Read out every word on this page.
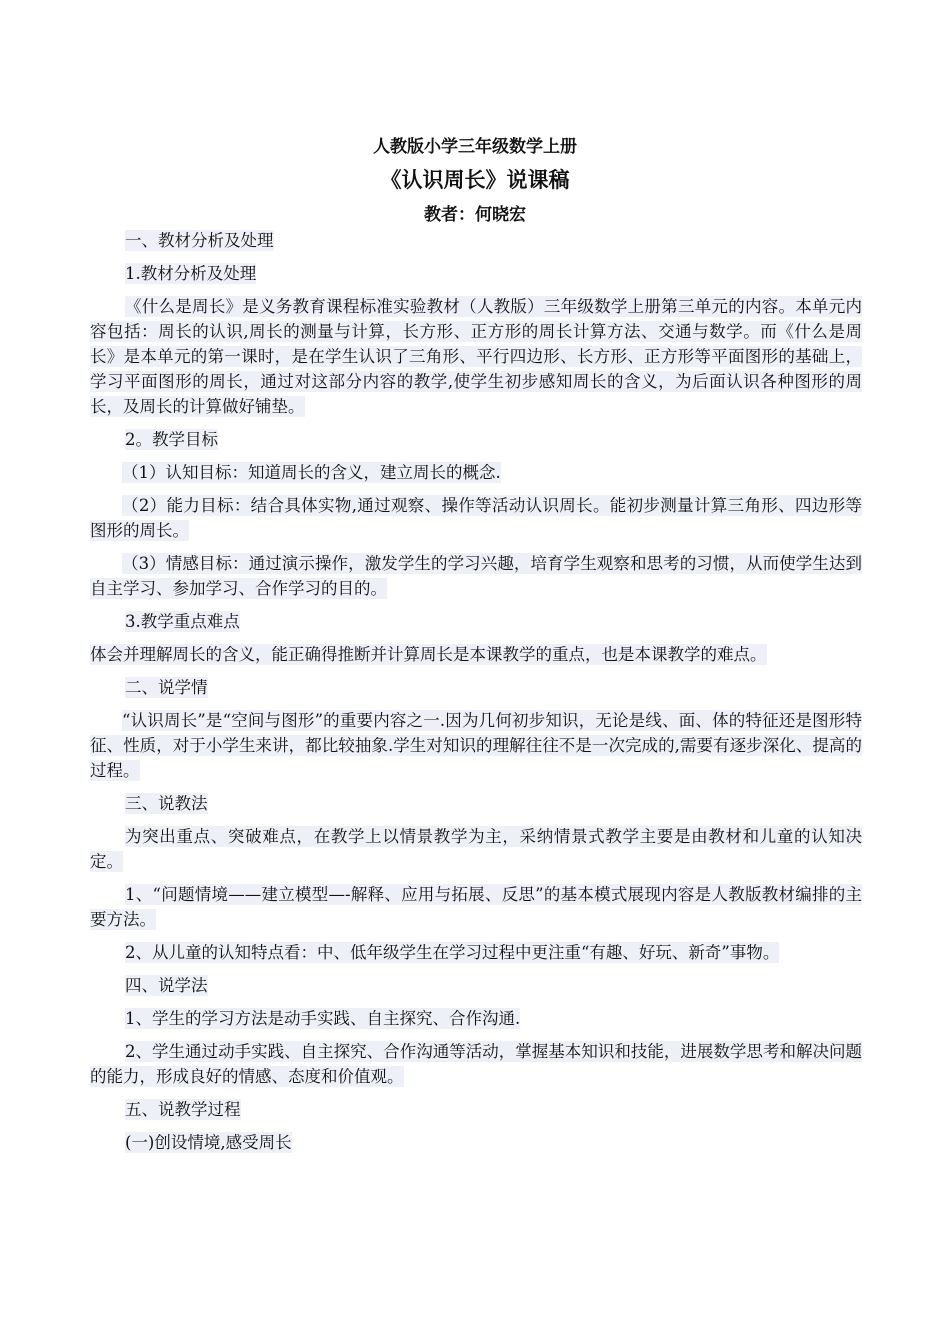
人教版小学三年级数学上册
《认识周长》说课稿
教者：何晓宏

一、教材分析及处理

1.教材分析及处理

《什么是周长》是义务教育课程标准实验教材（人教版）三年级数学上册第三单元的内容。本单元内容包括：周长的认识,周长的测量与计算，长方形、正方形的周长计算方法、交通与数学。而《什么是周长》是本单元的第一课时，是在学生认识了三角形、平行四边形、长方形、正方形等平面图形的基础上，学习平面图形的周长，通过对这部分内容的教学,使学生初步感知周长的含义，为后面认识各种图形的周长，及周长的计算做好铺垫。

2。教学目标

（1）认知目标：知道周长的含义，建立周长的概念.

（2）能力目标：结合具体实物,通过观察、操作等活动认识周长。能初步测量计算三角形、四边形等图形的周长。

（3）情感目标：通过演示操作，激发学生的学习兴趣，培育学生观察和思考的习惯，从而使学生达到自主学习、参加学习、合作学习的目的。

3.教学重点难点

体会并理解周长的含义，能正确得推断并计算周长是本课教学的重点，也是本课教学的难点。

二、说学情

“认识周长”是“空间与图形”的重要内容之一.因为几何初步知识，无论是线、面、体的特征还是图形特征、性质，对于小学生来讲，都比较抽象.学生对知识的理解往往不是一次完成的,需要有逐步深化、提高的过程。

三、说教法

为突出重点、突破难点，在教学上以情景教学为主，采纳情景式教学主要是由教材和儿童的认知决定。

1、“问题情境——建立模型—-解释、应用与拓展、反思”的基本模式展现内容是人教版教材编排的主要方法。

2、从儿童的认知特点看：中、低年级学生在学习过程中更注重“有趣、好玩、新奇”事物。

四、说学法

1、学生的学习方法是动手实践、自主探究、合作沟通.

2、学生通过动手实践、自主探究、合作沟通等活动，掌握基本知识和技能，进展数学思考和解决问题的能力，形成良好的情感、态度和价值观。

五、说教学过程

(一)创设情境,感受周长
